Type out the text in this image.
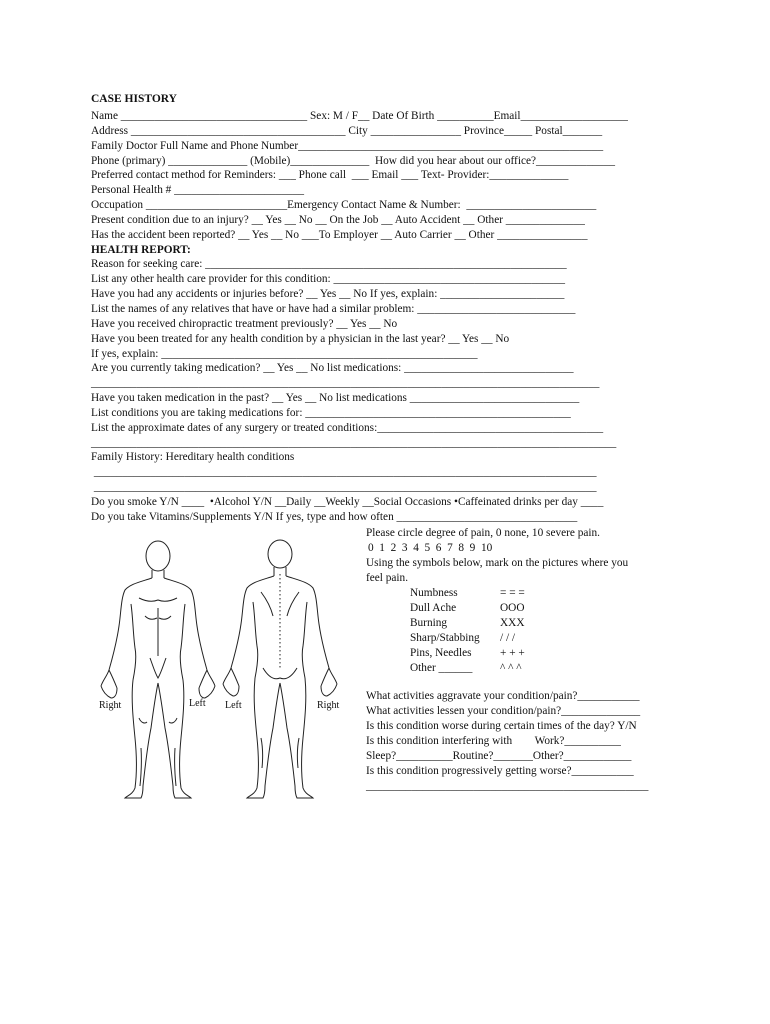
CASE HISTORY
Name _________________________________ Sex: M / F__ Date Of Birth __________Email___________________
Address ______________________________________ City ________________ Province_____ Postal_______
Family Doctor Full Name and Phone Number______________________________________________________
Phone (primary) ______________ (Mobile)______________  How did you hear about our office?______________
Preferred contact method for Reminders: ___ Phone call  ___ Email ___ Text- Provider:______________
Personal Health # _______________________
Occupation _________________________Emergency Contact Name & Number:  _______________________
Present condition due to an injury? __ Yes __ No __ On the Job __ Auto Accident __ Other ______________
Has the accident been reported? __ Yes __ No ___To Employer __ Auto Carrier __ Other ________________
HEALTH REPORT:
Reason for seeking care: ________________________________________________________________
List any other health care provider for this condition: _________________________________________
Have you had any accidents or injuries before? __ Yes __ No If yes, explain: ______________________
List the names of any relatives that have or have had a similar problem: ____________________________
Have you received chiropractic treatment previously? __ Yes __ No
Have you been treated for any health condition by a physician in the last year? __ Yes __ No
If yes, explain: ________________________________________________________
Are you currently taking medication? __ Yes __ No list medications: ______________________________
__________________________________________________________________________________________
Have you taken medication in the past? __ Yes __ No list medications ______________________________
List conditions you are taking medications for: _______________________________________________
List the approximate dates of any surgery or treated conditions:________________________________________
_____________________________________________________________________________________________
Family History: Hereditary health conditions
_________________________________________________________________________________________
_________________________________________________________________________________________
Do you smoke Y/N ____  •Alcohol Y/N __Daily __Weekly __Social Occasions •Caffeinated drinks per day ____
Do you take Vitamins/Supplements Y/N If yes, type and how often ________________________________
Please circle degree of pain, 0 none, 10 severe pain.
0  1  2  3  4  5  6  7  8  9  10
Using the symbols below, mark on the pictures where you
feel pain.
Numbness	= = =
Dull Ache	OOO
Burning	XXX
Sharp/Stabbing	/ / /
Pins, Needles	+ + +
Other ______	^ ^ ^
What activities aggravate your condition/pain?___________
What activities lessen your condition/pain?______________
Is this condition worse during certain times of the day? Y/N
Is this condition interfering with        Work?__________
Sleep?__________Routine?_______Other?____________
Is this condition progressively getting worse?___________
__________________________________________________
Right	Left Left	Right
